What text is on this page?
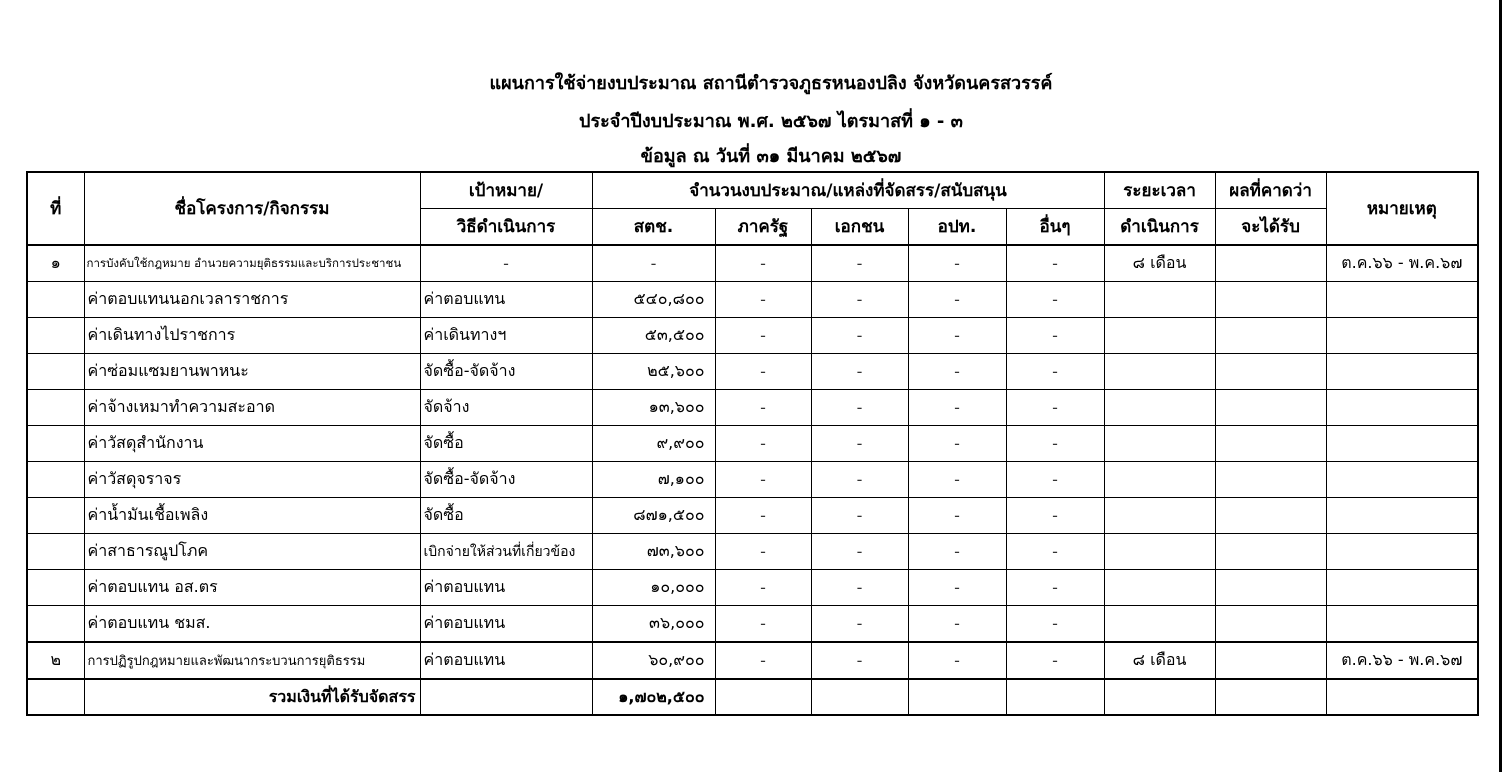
แผนการใช้จ่ายงบประมาณ สถานีตำรวจภูธรหนองปลิง จังหวัดนครสวรรค์
ประจำปีงบประมาณ พ.ศ. ๒๕๖๗ ไตรมาสที่ ๑ - ๓
ข้อมูล ณ วันที่ ๓๑ มีนาคม ๒๕๖๗
ที่	ชื่อโครงการ/กิจกรรม	เป้าหมาย/	จำนวนงบประมาณ/แหล่งที่จัดสรร/สนับสนุน					ระยะเวลา	ผลที่คาดว่า	หมายเหตุ
		วิธีดำเนินการ	สตช.	ภาครัฐ	เอกชน	อปท.	อื่นๆ	ดำเนินการ	จะได้รับ	
๑	การบังคับใช้กฎหมาย อำนวยความยุติธรรมและบริการประชาชน	-	-	-	-	-	-	๘ เดือน		ต.ค.๖๖ - พ.ค.๖๗
	ค่าตอบแทนนอกเวลาราชการ	ค่าตอบแทน	๕๔๐,๘๐๐	-	-	-	-			
	ค่าเดินทางไปราชการ	ค่าเดินทางฯ	๕๓,๕๐๐	-	-	-	-			
	ค่าซ่อมแซมยานพาหนะ	จัดซื้อ-จัดจ้าง	๒๕,๖๐๐	-	-	-	-			
	ค่าจ้างเหมาทำความสะอาด	จัดจ้าง	๑๓,๖๐๐	-	-	-	-			
	ค่าวัสดุสำนักงาน	จัดซื้อ	๙,๙๐๐	-	-	-	-			
	ค่าวัสดุจราจร	จัดซื้อ-จัดจ้าง	๗,๑๐๐	-	-	-	-			
	ค่าน้ำมันเชื้อเพลิง	จัดซื้อ	๘๗๑,๕๐๐	-	-	-	-			
	ค่าสาธารณูปโภค	เบิกจ่ายให้ส่วนที่เกี่ยวข้อง	๗๓,๖๐๐	-	-	-	-			
	ค่าตอบแทน อส.ตร	ค่าตอบแทน	๑๐,๐๐๐	-	-	-	-			
	ค่าตอบแทน ชมส.	ค่าตอบแทน	๓๖,๐๐๐	-	-	-	-			
๒	การปฏิรูปกฎหมายและพัฒนากระบวนการยุติธรรม	ค่าตอบแทน	๖๐,๙๐๐	-	-	-	-	๘ เดือน		ต.ค.๖๖ - พ.ค.๖๗
	รวมเงินที่ได้รับจัดสรร		๑,๗๐๒,๕๐๐							
